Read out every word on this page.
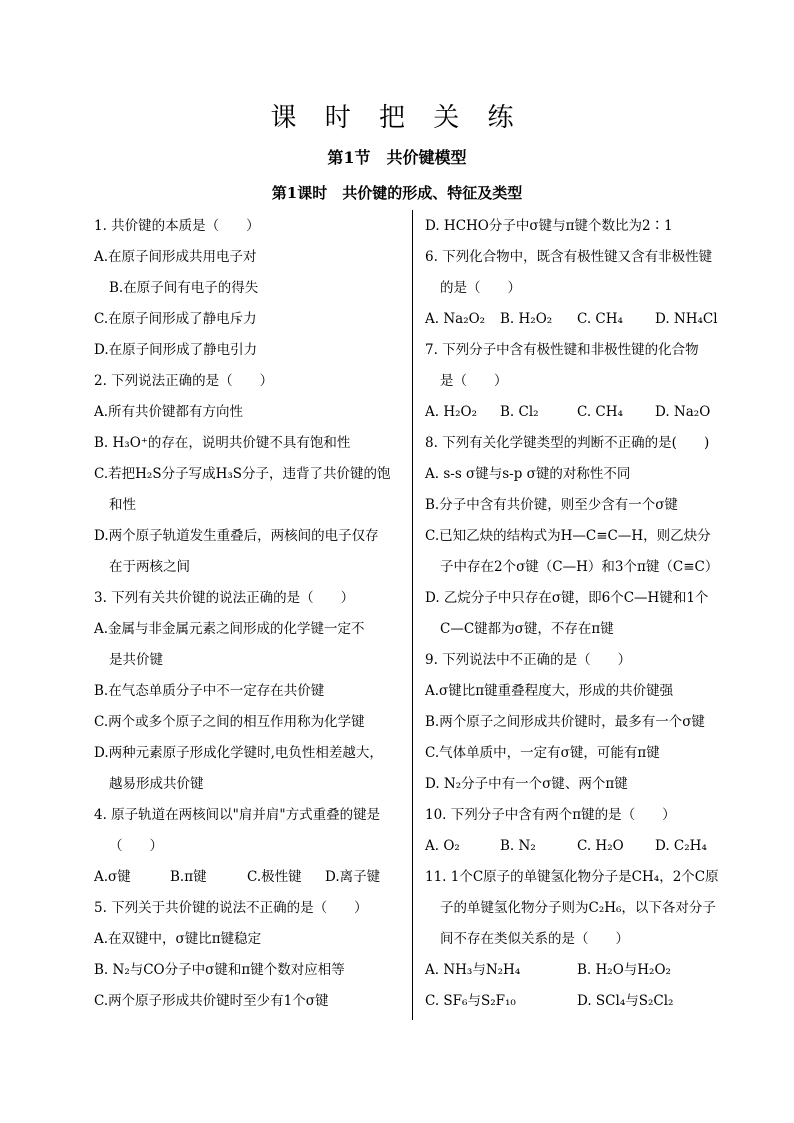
课 时 把 关 练
第1节　共价键模型
第1课时　共价键的形成、特征及类型
1. 共价键的本质是（　　）
A.在原子间形成共用电子对
B.在原子间有电子的得失
C.在原子间形成了静电斥力
D.在原子间形成了静电引力
2. 下列说法正确的是（　　）
A.所有共价键都有方向性
B. H₃O⁺的存在，说明共价键不具有饱和性
C.若把H₂S分子写成H₃S分子，违背了共价键的饱
和性
D.两个原子轨道发生重叠后，两核间的电子仅存
在于两核之间
3. 下列有关共价键的说法正确的是（　　）
A.金属与非金属元素之间形成的化学键一定不
是共价键
B.在气态单质分子中不一定存在共价键
C.两个或多个原子之间的相互作用称为化学键
D.两种元素原子形成化学键时,电负性相差越大，
越易形成共价键
4. 原子轨道在两核间以"肩并肩"方式重叠的键是
（　　）
A.σ键	B.π键	C.极性键	D.离子键
5. 下列关于共价键的说法不正确的是（　　）
A.在双键中，σ键比π键稳定
B. N₂与CO分子中σ键和π键个数对应相等
C.两个原子形成共价键时至少有1个σ键
D. HCHO分子中σ键与π键个数比为2∶1
6. 下列化合物中，既含有极性键又含有非极性键
的是（　　）
A. Na₂O₂	B. H₂O₂	C. CH₄	D. NH₄Cl
7. 下列分子中含有极性键和非极性键的化合物
是（　　）
A. H₂O₂	B. Cl₂	C. CH₄	D. Na₂O
8. 下列有关化学键类型的判断不正确的是(　　)
A. s-s σ键与s-p σ键的对称性不同
B.分子中含有共价键，则至少含有一个σ键
C.已知乙炔的结构式为H—C≡C—H，则乙炔分
子中存在2个σ键（C—H）和3个π键（C≡C）
D. 乙烷分子中只存在σ键，即6个C—H键和1个
C—C键都为σ键，不存在π键
9. 下列说法中不正确的是（　　）
A.σ键比π键重叠程度大，形成的共价键强
B.两个原子之间形成共价键时，最多有一个σ键
C.气体单质中，一定有σ键，可能有π键
D. N₂分子中有一个σ键、两个π键
10. 下列分子中含有两个π键的是（　　）
A. O₂	B. N₂	C. H₂O	D. C₂H₄
11. 1个C原子的单键氢化物分子是CH₄，2个C原
子的单键氢化物分子则为C₂H₆，以下各对分子
间不存在类似关系的是（　　）
A. NH₃与N₂H₄	B. H₂O与H₂O₂
C. SF₆与S₂F₁₀	D. SCl₄与S₂Cl₂
